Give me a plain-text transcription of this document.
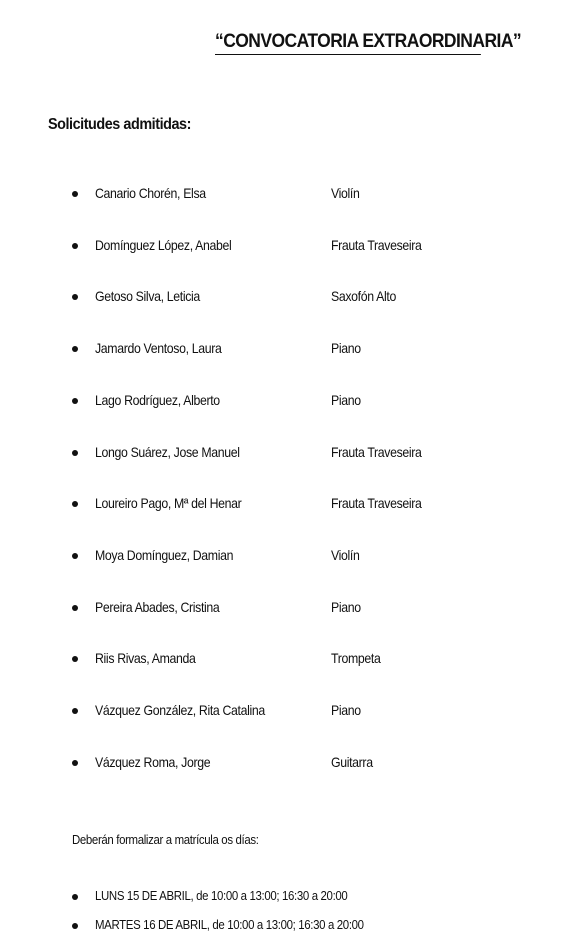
“CONVOCATORIA EXTRAORDINARIA”
Solicitudes admitidas:
Canario Chorén, Elsa	Violín
Domínguez López, Anabel	Frauta Traveseira
Getoso Silva, Leticia	Saxofón Alto
Jamardo Ventoso, Laura	Piano
Lago Rodríguez, Alberto	Piano
Longo Suárez, Jose Manuel	Frauta Traveseira
Loureiro Pago, Mª del Henar	Frauta Traveseira
Moya Domínguez, Damian	Violín
Pereira Abades, Cristina	Piano
Riis Rivas, Amanda	Trompeta
Vázquez González, Rita Catalina	Piano
Vázquez Roma, Jorge	Guitarra
Deberán formalizar a matrícula os días:
LUNS 15 DE ABRIL, de 10:00 a 13:00; 16:30 a 20:00
MARTES 16 DE ABRIL, de 10:00 a 13:00; 16:30 a 20:00
